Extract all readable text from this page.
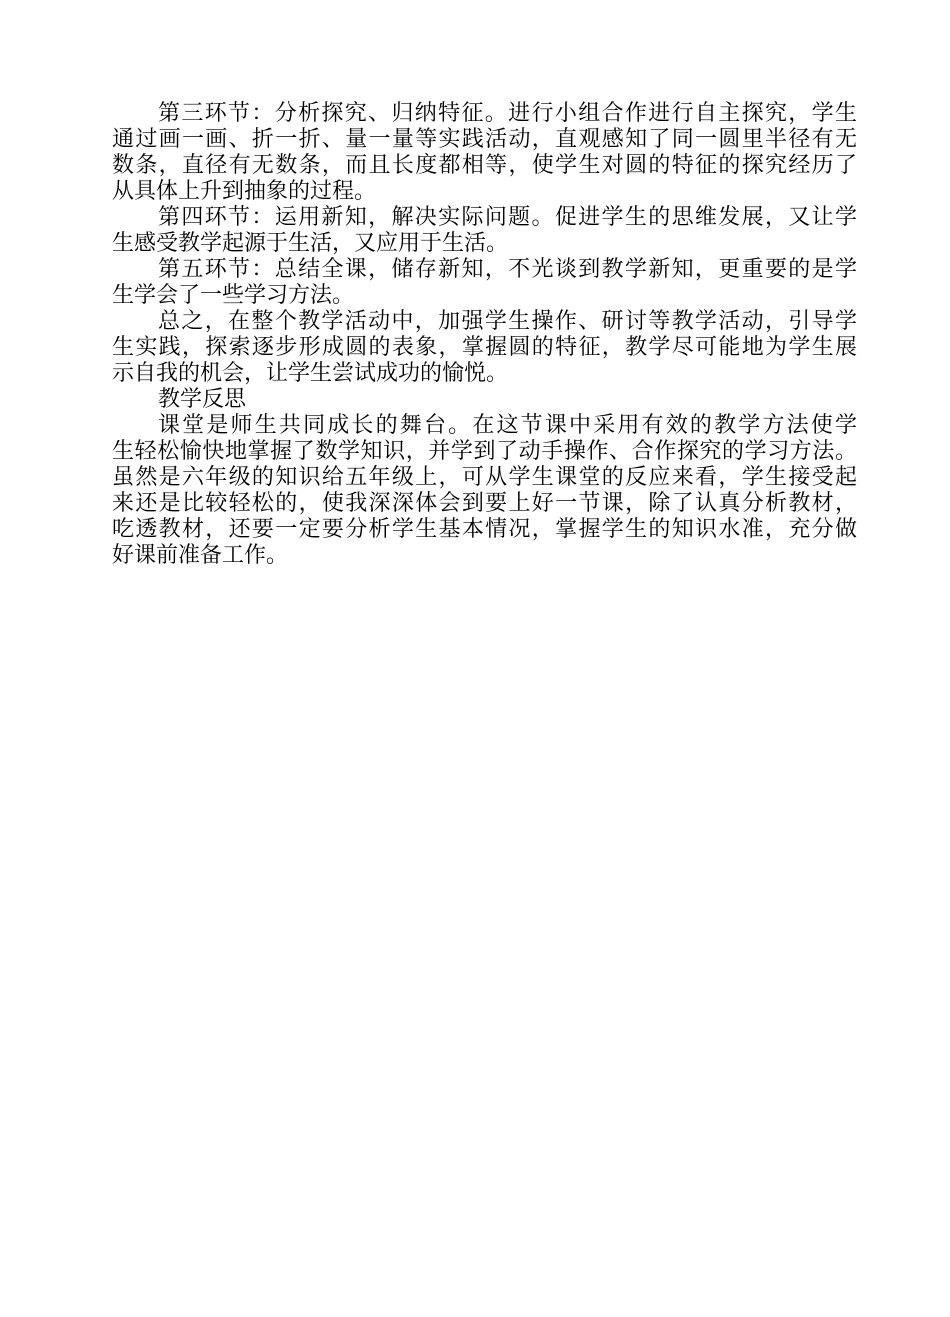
第三环节：分析探究、归纳特征。进行小组合作进行自主探究，学生
通过画一画、折一折、量一量等实践活动，直观感知了同一圆里半径有无
数条，直径有无数条，而且长度都相等，使学生对圆的特征的探究经历了
从具体上升到抽象的过程。
第四环节：运用新知，解决实际问题。促进学生的思维发展，又让学
生感受教学起源于生活，又应用于生活。
第五环节：总结全课，储存新知，不光谈到教学新知，更重要的是学
生学会了一些学习方法。
总之，在整个教学活动中，加强学生操作、研讨等教学活动，引导学
生实践，探索逐步形成圆的表象，掌握圆的特征，教学尽可能地为学生展
示自我的机会，让学生尝试成功的愉悦。
教学反思
课堂是师生共同成长的舞台。在这节课中采用有效的教学方法使学
生轻松愉快地掌握了数学知识，并学到了动手操作、合作探究的学习方法。
虽然是六年级的知识给五年级上，可从学生课堂的反应来看，学生接受起
来还是比较轻松的，使我深深体会到要上好一节课，除了认真分析教材，
吃透教材，还要一定要分析学生基本情况，掌握学生的知识水准，充分做
好课前准备工作。
